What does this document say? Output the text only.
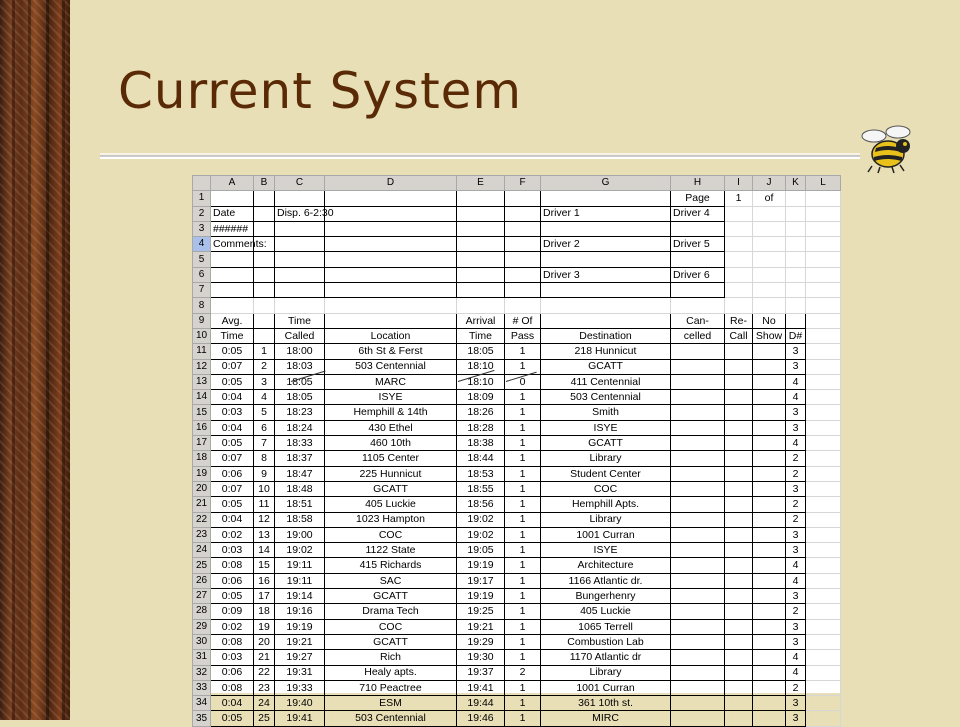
Current System
	A	B	C	D	E	F	G	H	I	J	K	L
1								Page	1	of		
2	Date		Disp. 6-2:30				Driver 1	Driver 4				
3	######											
4	Comments:						Driver 2	Driver 5				
5												
6							Driver 3	Driver 6				
7												
8												
9	Avg.		Time		Arrival	# Of		Can-	Re-	No		
10	Time		Called	Location	Time	Pass	Destination	celled	Call	Show	D#	
11	0:05	1	18:00	6th St & Ferst	18:05	1	218 Hunnicut				3	
12	0:07	2	18:03	503 Centennial	18:10	1	GCATT				3	
13	0:05	3	18:05	MARC	18:10	0	411 Centennial				4	
14	0:04	4	18:05	ISYE	18:09	1	503 Centennial				4	
15	0:03	5	18:23	Hemphill & 14th	18:26	1	Smith				3	
16	0:04	6	18:24	430 Ethel	18:28	1	ISYE				3	
17	0:05	7	18:33	460 10th	18:38	1	GCATT				4	
18	0:07	8	18:37	1105 Center	18:44	1	Library				2	
19	0:06	9	18:47	225 Hunnicut	18:53	1	Student Center				2	
20	0:07	10	18:48	GCATT	18:55	1	COC				3	
21	0:05	11	18:51	405 Luckie	18:56	1	Hemphill Apts.				2	
22	0:04	12	18:58	1023 Hampton	19:02	1	Library				2	
23	0:02	13	19:00	COC	19:02	1	1001 Curran				3	
24	0:03	14	19:02	1122 State	19:05	1	ISYE				3	
25	0:08	15	19:11	415 Richards	19:19	1	Architecture				4	
26	0:06	16	19:11	SAC	19:17	1	1166 Atlantic dr.				4	
27	0:05	17	19:14	GCATT	19:19	1	Bungerhenry				3	
28	0:09	18	19:16	Drama Tech	19:25	1	405 Luckie				2	
29	0:02	19	19:19	COC	19:21	1	1065 Terrell				3	
30	0:08	20	19:21	GCATT	19:29	1	Combustion Lab				3	
31	0:03	21	19:27	Rich	19:30	1	1170 Atlantic dr				4	
32	0:06	22	19:31	Healy apts.	19:37	2	Library				4	
33	0:08	23	19:33	710 Peactree	19:41	1	1001 Curran				2	
34	0:04	24	19:40	ESM	19:44	1	361 10th st.				3	
35	0:05	25	19:41	503 Centennial	19:46	1	MIRC				3	
